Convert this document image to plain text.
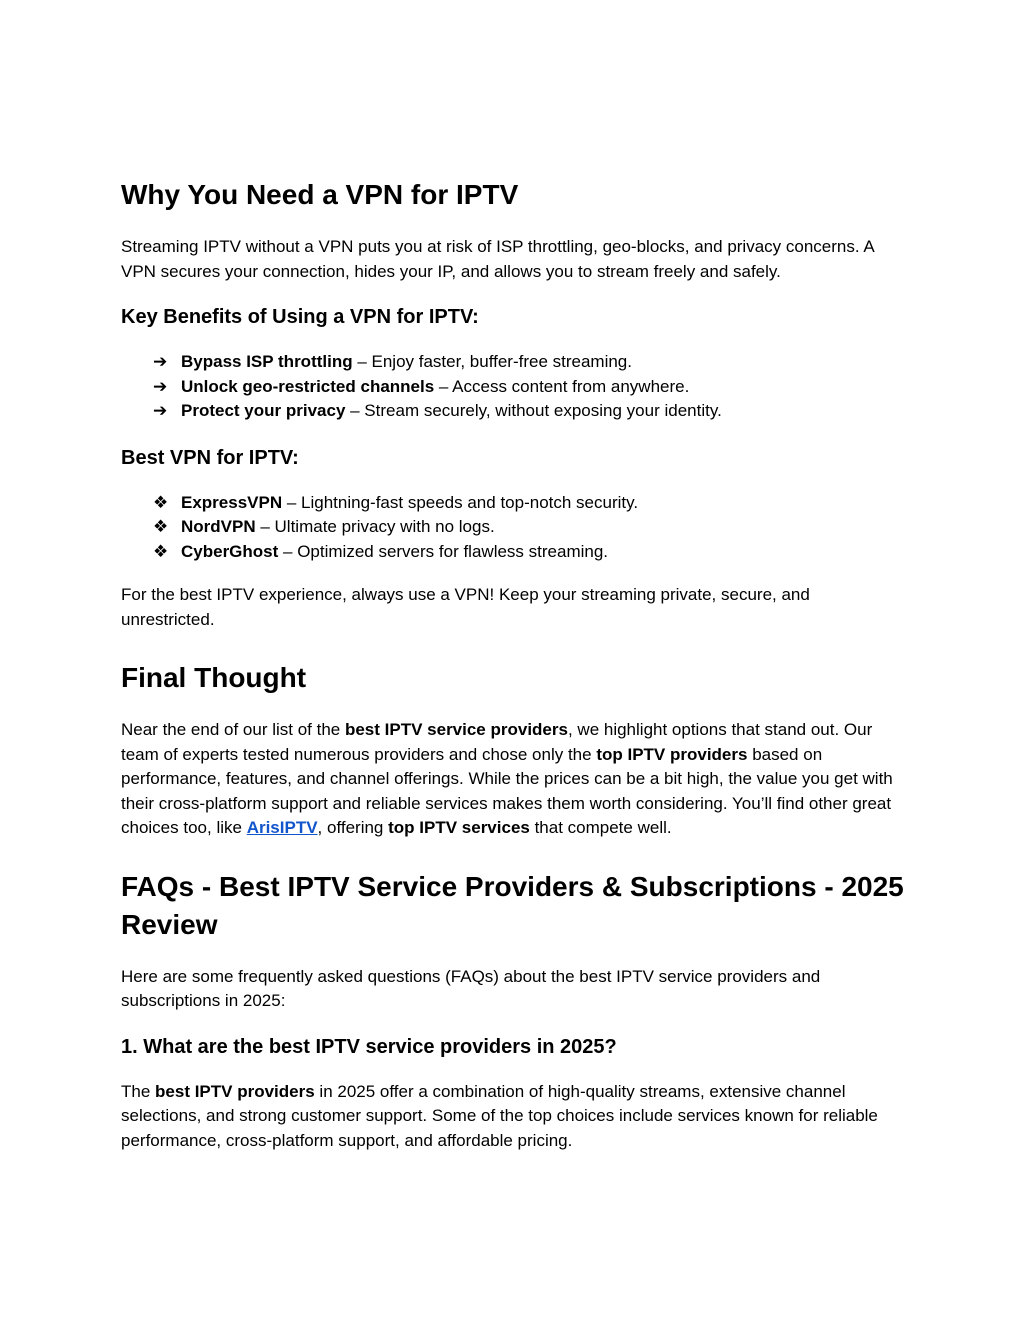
Why You Need a VPN for IPTV

Streaming IPTV without a VPN puts you at risk of ISP throttling, geo-blocks, and privacy concerns. A VPN secures your connection, hides your IP, and allows you to stream freely and safely.

Key Benefits of Using a VPN for IPTV:
➔ Bypass ISP throttling – Enjoy faster, buffer-free streaming.
➔ Unlock geo-restricted channels – Access content from anywhere.
➔ Protect your privacy – Stream securely, without exposing your identity.
Best VPN for IPTV:
❖ ExpressVPN – Lightning-fast speeds and top-notch security.
❖ NordVPN – Ultimate privacy with no logs.
❖ CyberGhost – Optimized servers for flawless streaming.

For the best IPTV experience, always use a VPN! Keep your streaming private, secure, and unrestricted.

Final Thought

Near the end of our list of the best IPTV service providers, we highlight options that stand out. Our team of experts tested numerous providers and chose only the top IPTV providers based on performance, features, and channel offerings. While the prices can be a bit high, the value you get with their cross-platform support and reliable services makes them worth considering. You’ll find other great choices too, like ArisIPTV, offering top IPTV services that compete well.

FAQs - Best IPTV Service Providers & Subscriptions - 2025 Review

Here are some frequently asked questions (FAQs) about the best IPTV service providers and subscriptions in 2025:

1. What are the best IPTV service providers in 2025?

The best IPTV providers in 2025 offer a combination of high-quality streams, extensive channel selections, and strong customer support. Some of the top choices include services known for reliable performance, cross-platform support, and affordable pricing.
